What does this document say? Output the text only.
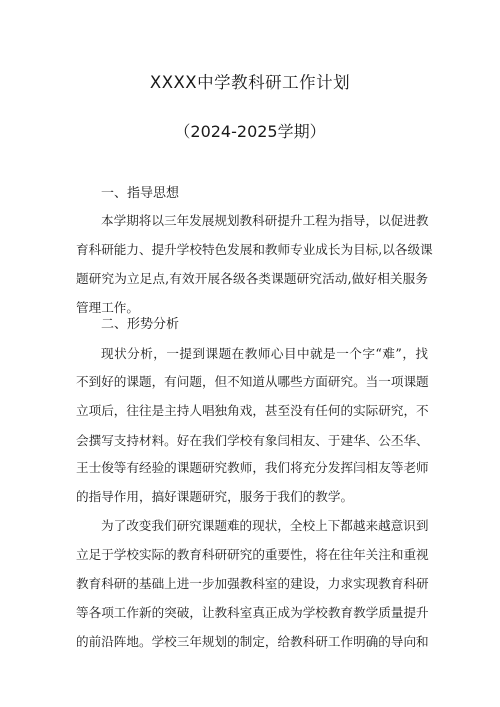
XXXX中学教科研工作计划
（2024-2025学期）
一、指导思想
本学期将以三年发展规划教科研提升工程为指导，以促进教
育科研能力、提升学校特色发展和教师专业成长为目标,以各级课
题研究为立足点,有效开展各级各类课题研究活动,做好相关服务
管理工作。
二、形势分析
现状分析，一提到课题在教师心目中就是一个字“难”，找
不到好的课题，有问题，但不知道从哪些方面研究。当一项课题
立项后，往往是主持人唱独角戏，甚至没有任何的实际研究，不
会撰写支持材料。好在我们学校有象闫相友、于建华、公丕华、
王士俊等有经验的课题研究教师，我们将充分发挥闫相友等老师
的指导作用，搞好课题研究，服务于我们的教学。
为了改变我们研究课题难的现状，全校上下都越来越意识到
立足于学校实际的教育科研研究的重要性，将在往年关注和重视
教育科研的基础上进一步加强教科室的建设，力求实现教育科研
等各项工作新的突破，让教科室真正成为学校教育教学质量提升
的前沿阵地。学校三年规划的制定，给教科研工作明确的导向和
